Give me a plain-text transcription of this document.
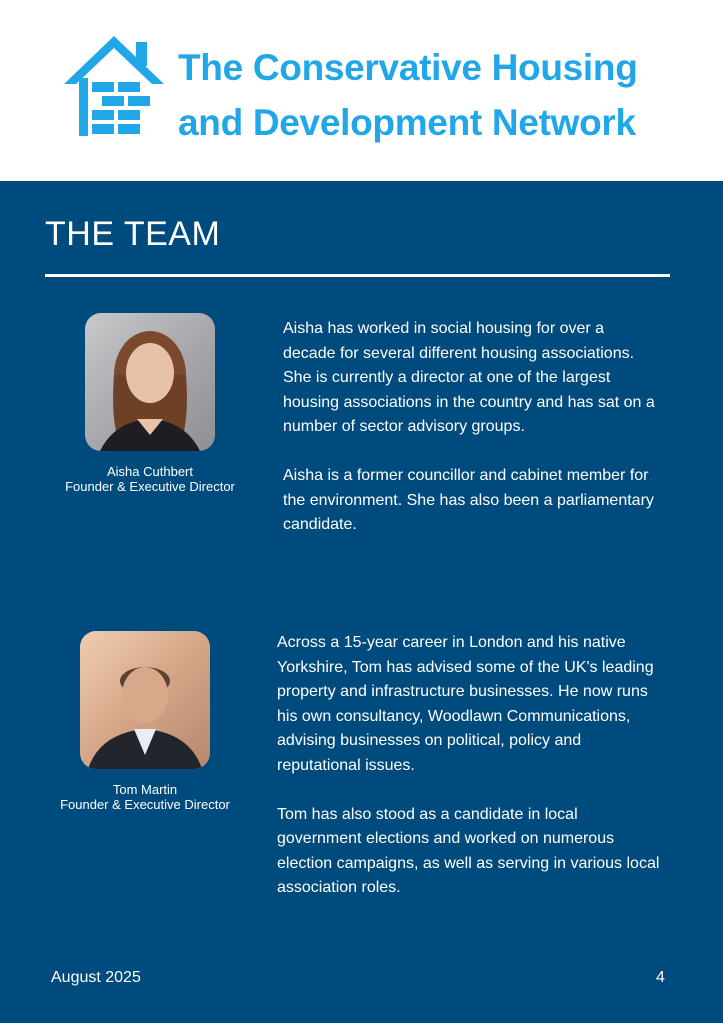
The Conservative Housing
and Development Network
THE TEAM
Aisha Cuthbert
Founder & Executive Director

Aisha has worked in social housing for over a decade for several different housing associations. She is currently a director at one of the largest housing associations in the country and has sat on a number of sector advisory groups.

Aisha is a former councillor and cabinet member for the environment. She has also been a parliamentary candidate.

Tom Martin
Founder & Executive Director

Across a 15-year career in London and his native Yorkshire, Tom has advised some of the UK's leading property and infrastructure businesses. He now runs his own consultancy, Woodlawn Communications, advising businesses on political, policy and reputational issues.

Tom has also stood as a candidate in local government elections and worked on numerous election campaigns, as well as serving in various local association roles.

August 2025	4
